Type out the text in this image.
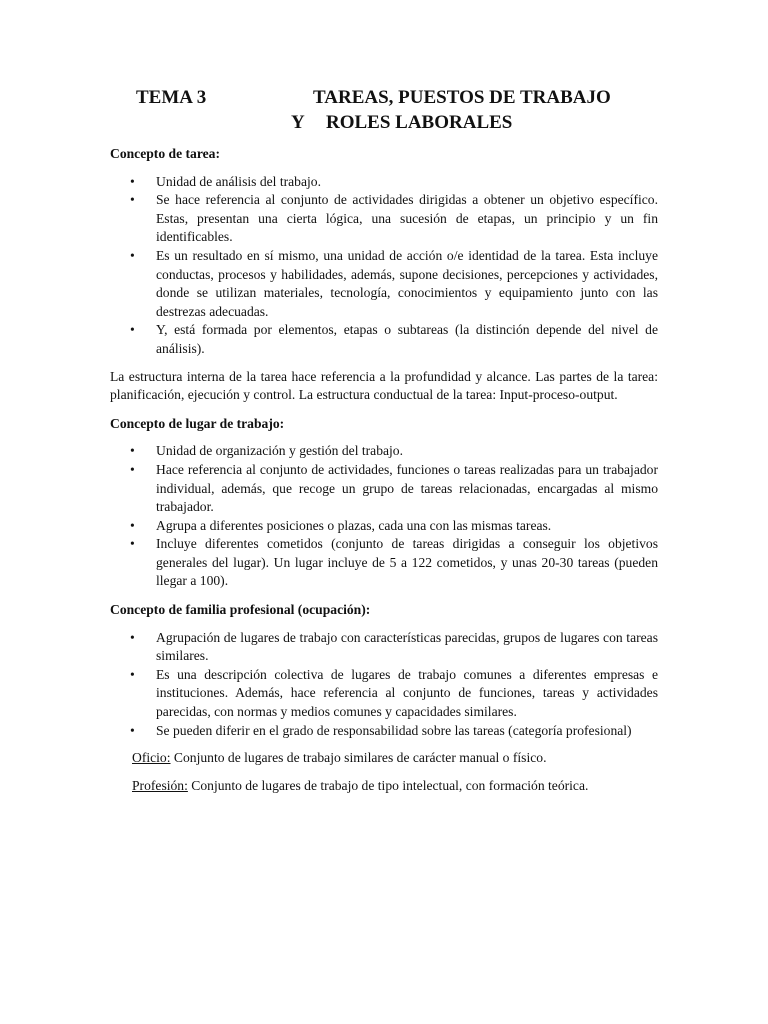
TEMA 3	TAREAS, PUESTOS DE TRABAJO
Y ROLES LABORALES

Concepto de tarea:

• Unidad de análisis del trabajo.
• Se hace referencia al conjunto de actividades dirigidas a obtener un objetivo específico. Estas, presentan una cierta lógica, una sucesión de etapas, un principio y un fin identificables.
• Es un resultado en sí mismo, una unidad de acción o/e identidad de la tarea. Esta incluye conductas, procesos y habilidades, además, supone decisiones, percepciones y actividades, donde se utilizan materiales, tecnología, conocimientos y equipamiento junto con las destrezas adecuadas.
• Y, está formada por elementos, etapas o subtareas (la distinción depende del nivel de análisis).

La estructura interna de la tarea hace referencia a la profundidad y alcance. Las partes de la tarea: planificación, ejecución y control. La estructura conductual de la tarea: Input-proceso-output.

Concepto de lugar de trabajo:

• Unidad de organización y gestión del trabajo.
• Hace referencia al conjunto de actividades, funciones o tareas realizadas para un trabajador individual, además, que recoge un grupo de tareas relacionadas, encargadas al mismo trabajador.
• Agrupa a diferentes posiciones o plazas, cada una con las mismas tareas.
• Incluye diferentes cometidos (conjunto de tareas dirigidas a conseguir los objetivos generales del lugar). Un lugar incluye de 5 a 122 cometidos, y unas 20-30 tareas (pueden llegar a 100).

Concepto de familia profesional (ocupación):

• Agrupación de lugares de trabajo con características parecidas, grupos de lugares con tareas similares.
• Es una descripción colectiva de lugares de trabajo comunes a diferentes empresas e instituciones. Además, hace referencia al conjunto de funciones, tareas y actividades parecidas, con normas y medios comunes y capacidades similares.
• Se pueden diferir en el grado de responsabilidad sobre las tareas (categoría profesional)

Oficio: Conjunto de lugares de trabajo similares de carácter manual o físico.

Profesión: Conjunto de lugares de trabajo de tipo intelectual, con formación teórica.
